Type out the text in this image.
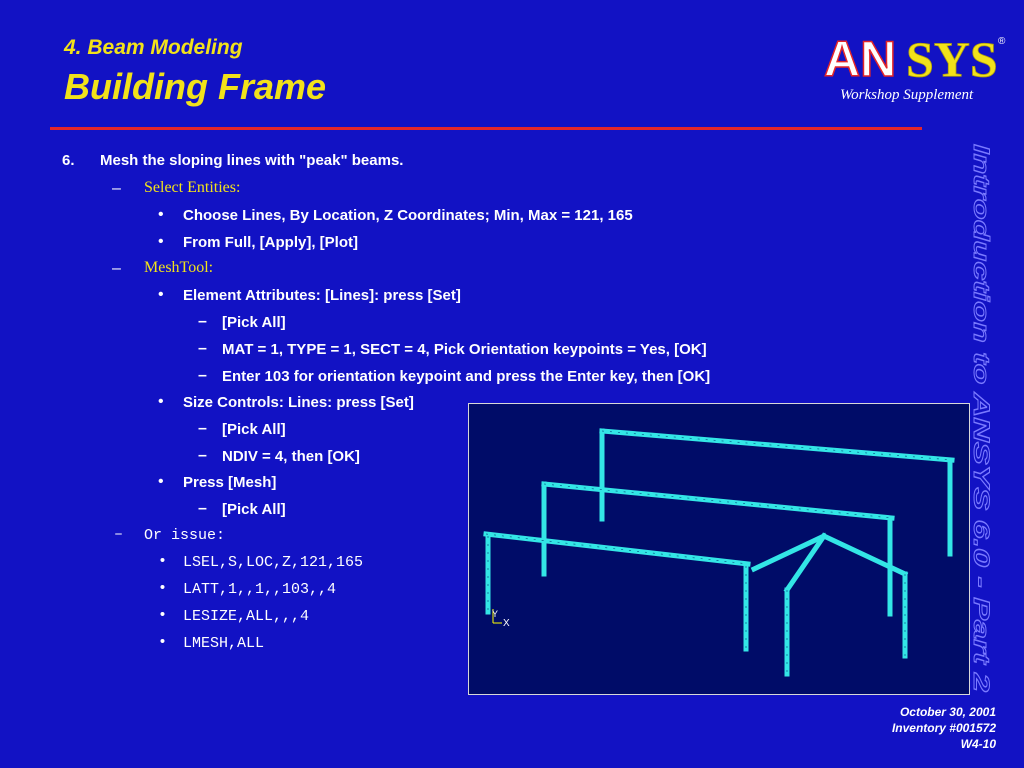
4. Beam Modeling
Building Frame	AN SYS ®
Workshop Supplement
Introduction to ANSYS 6.0 - Part 2
6. Mesh the sloping lines with "peak" beams.
– Select Entities:
• Choose Lines, By Location, Z Coordinates; Min, Max = 121, 165
• From Full, [Apply], [Plot]
– MeshTool:
• Element Attributes: [Lines]: press [Set]
– [Pick All]
– MAT = 1, TYPE = 1, SECT = 4, Pick Orientation keypoints = Yes, [OK]
– Enter 103 for orientation keypoint and press the Enter key, then [OK]
• Size Controls: Lines: press [Set]
– [Pick All]
– NDIV = 4, then [OK]
• Press [Mesh]
– [Pick All]
– Or issue:
• LSEL,S,LOC,Z,121,165
• LATT,1,,1,,103,,4
• LESIZE,ALL,,,4
• LMESH,ALL
Y
X
October 30, 2001
Inventory #001572
W4-10
